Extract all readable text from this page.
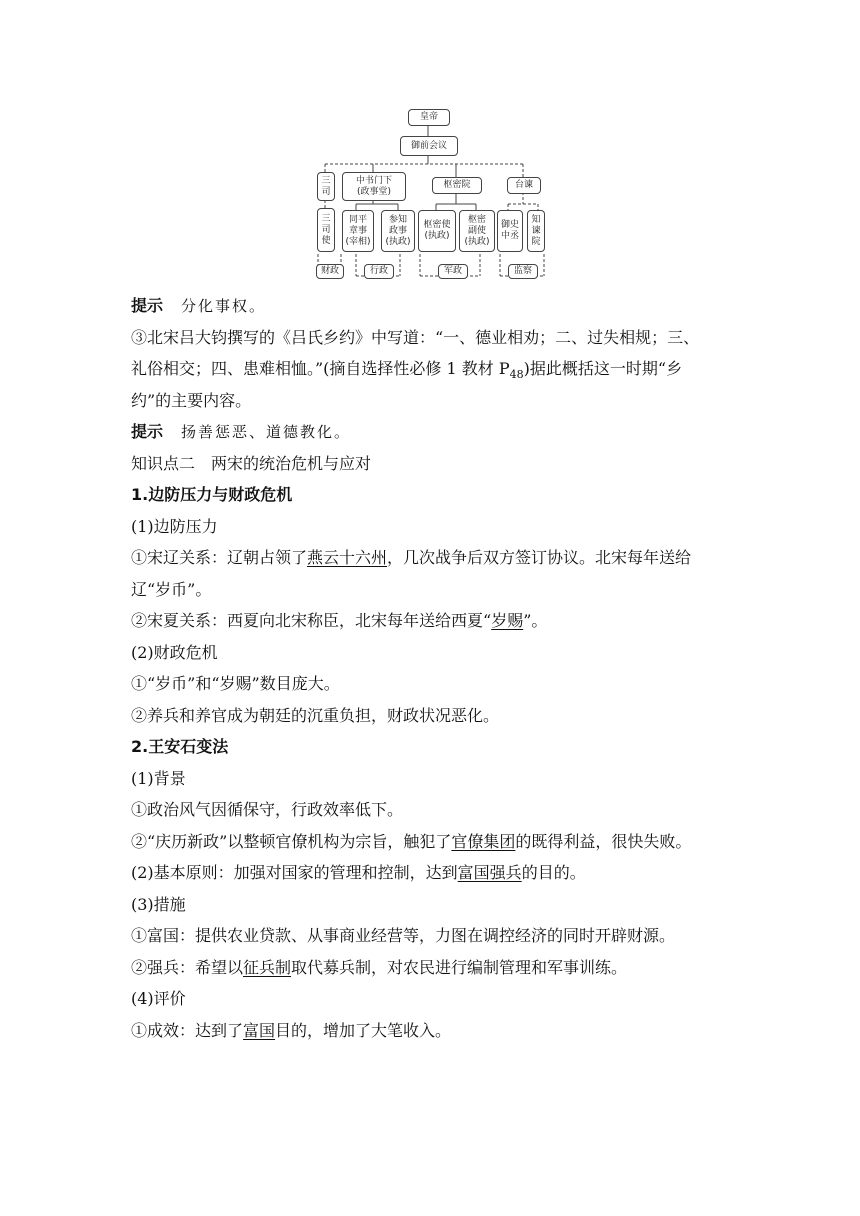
皇帝
御前会议
三
司
中书门下
(政事堂)
枢密院	台谏
三
司
使
同平
章事
(宰相)
参知
政事
(执政)
枢密使
(执政)
枢密
副使
(执政)
御史
中丞
知
谏
院
财政	行政	军政	监察
提示 分化事权。
③北宋吕大钧撰写的《吕氏乡约》中写道：“一、德业相劝；二、过失相规；三、
礼俗相交；四、患难相恤。”(摘自选择性必修 1 教材 $P_{48}$)据此概括这一时期“乡
约”的主要内容。
提示 扬善惩恶、道德教化。
知识点二　两宋的统治危机与应对
1.边防压力与财政危机
(1)边防压力
①宋辽关系：辽朝占领了燕云十六州，几次战争后双方签订协议。北宋每年送给
辽“岁币”。
②宋夏关系：西夏向北宋称臣，北宋每年送给西夏“岁赐”。
(2)财政危机
①“岁币”和“岁赐”数目庞大。
②养兵和养官成为朝廷的沉重负担，财政状况恶化。
2.王安石变法
(1)背景
①政治风气因循保守，行政效率低下。
②“庆历新政”以整顿官僚机构为宗旨，触犯了官僚集团的既得利益，很快失败。
(2)基本原则：加强对国家的管理和控制，达到富国强兵的目的。
(3)措施
①富国：提供农业贷款、从事商业经营等，力图在调控经济的同时开辟财源。
②强兵：希望以征兵制取代募兵制，对农民进行编制管理和军事训练。
(4)评价
①成效：达到了富国目的，增加了大笔收入。
